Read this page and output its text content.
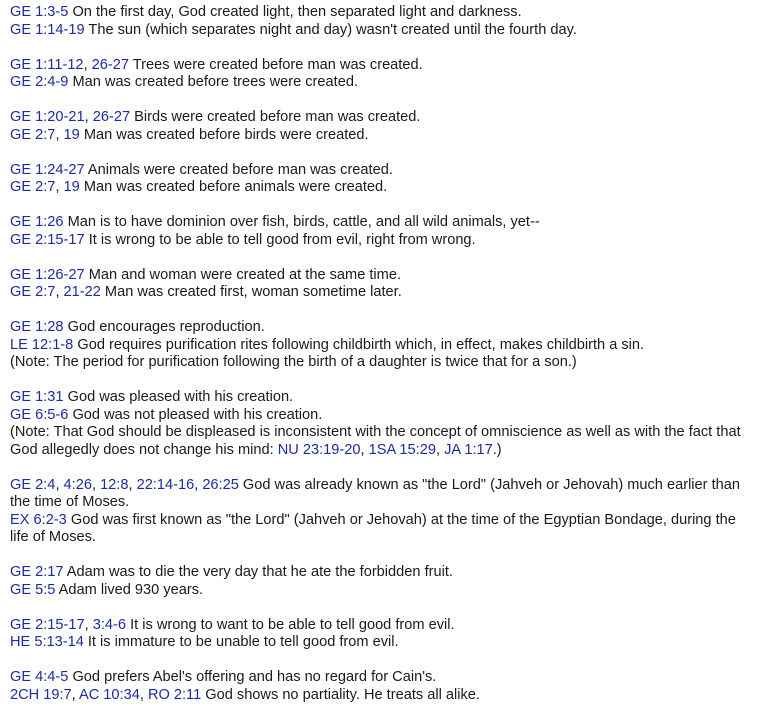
GE 1:3-5 On the first day, God created light, then separated light and darkness.
GE 1:14-19 The sun (which separates night and day) wasn't created until the fourth day.
GE 1:11-12, 26-27 Trees were created before man was created.
GE 2:4-9 Man was created before trees were created.
GE 1:20-21, 26-27 Birds were created before man was created.
GE 2:7, 19 Man was created before birds were created.
GE 1:24-27 Animals were created before man was created.
GE 2:7, 19 Man was created before animals were created.
GE 1:26 Man is to have dominion over fish, birds, cattle, and all wild animals, yet--
GE 2:15-17 It is wrong to be able to tell good from evil, right from wrong.
GE 1:26-27 Man and woman were created at the same time.
GE 2:7, 21-22 Man was created first, woman sometime later.
GE 1:28 God encourages reproduction.
LE 12:1-8 God requires purification rites following childbirth which, in effect, makes childbirth a sin.
(Note: The period for purification following the birth of a daughter is twice that for a son.)
GE 1:31 God was pleased with his creation.
GE 6:5-6 God was not pleased with his creation.
(Note: That God should be displeased is inconsistent with the concept of omniscience as well as with the fact that God allegedly does not change his mind: NU 23:19-20, 1SA 15:29, JA 1:17.)
GE 2:4, 4:26, 12:8, 22:14-16, 26:25 God was already known as "the Lord" (Jahveh or Jehovah) much earlier than the time of Moses.
EX 6:2-3 God was first known as "the Lord" (Jahveh or Jehovah) at the time of the Egyptian Bondage, during the life of Moses.
GE 2:17 Adam was to die the very day that he ate the forbidden fruit.
GE 5:5 Adam lived 930 years.
GE 2:15-17, 3:4-6 It is wrong to want to be able to tell good from evil.
HE 5:13-14 It is immature to be unable to tell good from evil.
GE 4:4-5 God prefers Abel's offering and has no regard for Cain's.
2CH 19:7, AC 10:34, RO 2:11 God shows no partiality. He treats all alike.
